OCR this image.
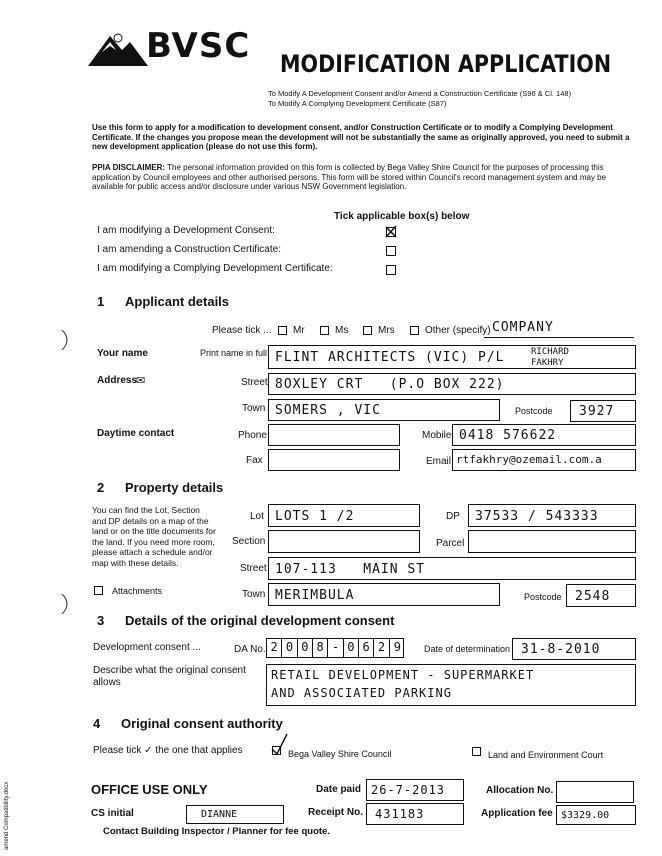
BVSC MODIFICATION APPLICATION
To Modify A Development Consent and/or Amend a Construction Certificate (S96 & Cl. 148)
To Modify A Complying Development Certificate (S87)
Use this form to apply for a modification to development consent, and/or Construction Certificate or to modify a Complying Development Certificate. If the changes you propose mean the development will not be substantially the same as originally approved, you need to submit a new development application (please do not use this form).
PPIA DISCLAIMER: The personal information provided on this form is collected by Bega Valley Shire Council for the purposes of processing this application by Council employees and other authorised persons. This form will be stored within Council's record management system and may be available for public access and/or disclosure under various NSW Government legislation.
Tick applicable box(s) below
I am modifying a Development Consent:
I am amending a Construction Certificate:
I am modifying a Complying Development Certificate:
1 Applicant details
Please tick ... Mr	Ms	Mrs	Other (specify) COMPANY
Your name	Print name in full FLINT ARCHITECTS (VIC) P/L	RICHARD
FAKHRY
Address
✉	Street 8OXLEY CRT   (P.O BOX 222)
Town SOMERS , VIC	Postcode 3927
Daytime contact	Phone	Mobile 0418 576622
Fax	Email rtfakhry@ozemail.com.a
2 Property details
You can find the Lot, Section and DP details on a map of the land or on the title documents for the land. If you need more room, please attach a schedule and/or map with these details.
Lot LOTS 1 /2	DP 37533 / 543333
Section	Parcel
Street 107-113   MAIN ST
Attachments	Town MERIMBULA	Postcode 2548
3 Details of the original development consent
Development consent ...	DA No. 2 0 0 8 - 0 6 2 9	Date of determination 31-8-2010
Describe what the original consent
allows
RETAIL DEVELOPMENT - SUPERMARKET
AND ASSOCIATED PARKING
4 Original consent authority
Please tick ✓ the one that applies	Bega Valley Shire Council	Land and Environment Court
OFFICE USE ONLY	Date paid 26-7-2013	Allocation No.
CS initial	DIANNE	Receipt No. 431183	Application fee $3329.00
Contact Building Inspector / Planner for fee quote.
amend Compatibility.docx
